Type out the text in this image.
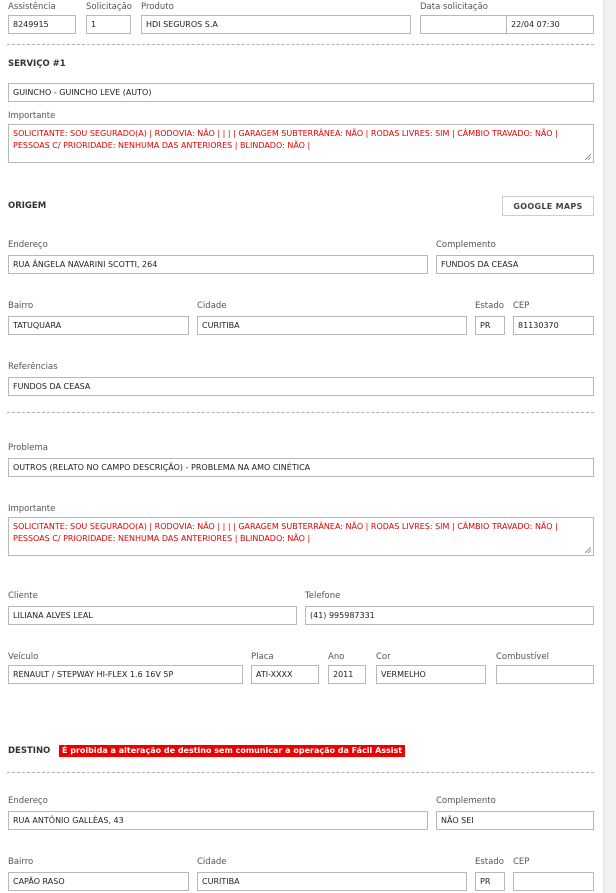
Assistência
8249915
Solicitação
1
Produto
HDI SEGUROS S.A
Data solicitação
22/04 07:30
SERVIÇO #1
GUINCHO - GUINCHO LEVE (AUTO)
Importante
SOLICITANTE: SOU SEGURADO(A) | RODOVIA: NÃO | | | | GARAGEM SUBTERRÂNEA: NÃO | RODAS LIVRES: SIM | CÂMBIO TRAVADO: NÃO | PESSOAS C/ PRIORIDADE: NENHUMA DAS ANTERIORES | BLINDADO: NÃO |
ORIGEM	GOOGLE MAPS
Endereço
RUA ÂNGELA NAVARINI SCOTTI, 264
Complemento
FUNDOS DA CEASA
Bairro
TATUQUARA
Cidade
CURITIBA
Estado
PR
CEP
81130370
Referências
FUNDOS DA CEASA
Problema
OUTROS (RELATO NO CAMPO DESCRIÇÃO) - PROBLEMA NA AMO CINÉTICA
Importante
SOLICITANTE: SOU SEGURADO(A) | RODOVIA: NÃO | | | | GARAGEM SUBTERRÂNEA: NÃO | RODAS LIVRES: SIM | CÂMBIO TRAVADO: NÃO | PESSOAS C/ PRIORIDADE: NENHUMA DAS ANTERIORES | BLINDADO: NÃO |
Cliente
LILIANA ALVES LEAL
Telefone
(41) 995987331
Veículo
RENAULT / STEPWAY HI-FLEX 1.6 16V 5P
Placa
ATI-XXXX
Ano
2011
Cor
VERMELHO
Combustível
DESTINO	É proibida a alteração de destino sem comunicar a operação da Fácil Assist
Endereço
RUA ANTÔNIO GALLÉAS, 43
Complemento
NÃO SEI
Bairro
CAPÃO RASO
Cidade
CURITIBA
Estado
PR
CEP
